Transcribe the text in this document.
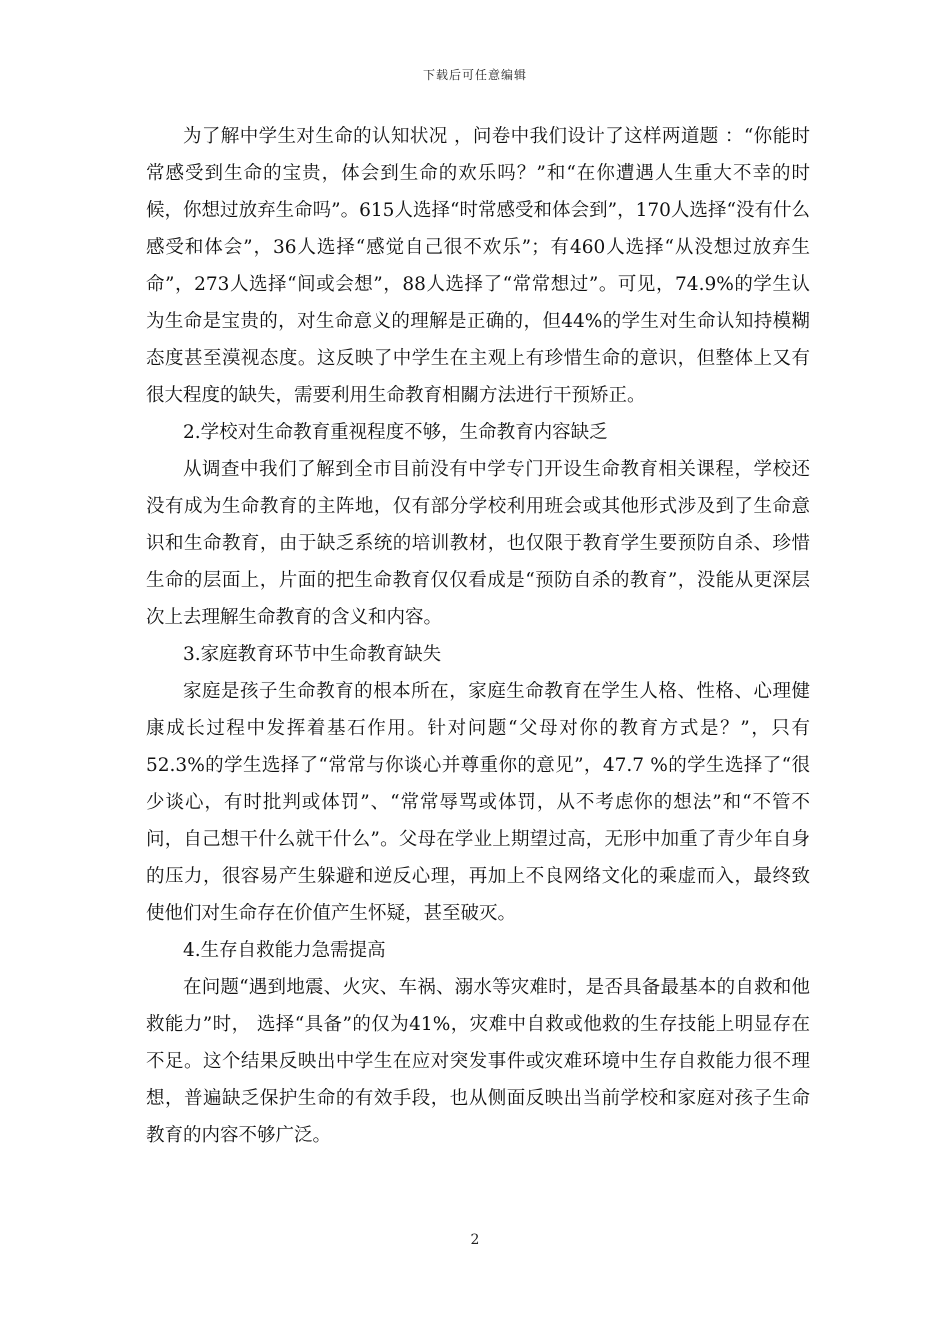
下载后可任意编辑

为了解中学生对生命的认知状况 ，问卷中我们设计了这样两道题 ：“你能时常感受到生命的宝贵，体会到生命的欢乐吗？”和“在你遭遇人生重大不幸的时候，你想过放弃生命吗”。615人选择“时常感受和体会到”，170人选择“没有什么感受和体会”，36人选择“感觉自己很不欢乐”；有460人选择“从没想过放弃生命”，273人选择“间或会想”，88人选择了“常常想过”。可见，74.9%的学生认为生命是宝贵的，对生命意义的理解是正确的，但44%的学生对生命认知持模糊态度甚至漠视态度。这反映了中学生在主观上有珍惜生命的意识，但整体上又有很大程度的缺失，需要利用生命教育相關方法进行干预矫正。

2.学校对生命教育重视程度不够，生命教育内容缺乏

从调查中我们了解到全市目前没有中学专门开设生命教育相关课程，学校还没有成为生命教育的主阵地，仅有部分学校利用班会或其他形式涉及到了生命意识和生命教育，由于缺乏系统的培训教材，也仅限于教育学生要预防自杀、珍惜生命的层面上，片面的把生命教育仅仅看成是“预防自杀的教育”，没能从更深层次上去理解生命教育的含义和内容。

3.家庭教育环节中生命教育缺失

家庭是孩子生命教育的根本所在，家庭生命教育在学生人格、性格、心理健康成长过程中发挥着基石作用。针对问题“父母对你的教育方式是？”，只有52.3%的学生选择了“常常与你谈心并尊重你的意见”，47.7 %的学生选择了“很少谈心，有时批判或体罚”、“常常辱骂或体罚，从不考虑你的想法”和“不管不问，自己想干什么就干什么”。父母在学业上期望过高，无形中加重了青少年自身的压力，很容易产生躲避和逆反心理，再加上不良网络文化的乘虚而入，最终致使他们对生命存在价值产生怀疑，甚至破灭。

4.生存自救能力急需提高

在问题“遇到地震、火灾、车祸、溺水等灾难时，是否具备最基本的自救和他救能力”时， 选择“具备”的仅为41%，灾难中自救或他救的生存技能上明显存在不足。这个结果反映出中学生在应对突发事件或灾难环境中生存自救能力很不理想，普遍缺乏保护生命的有效手段，也从侧面反映出当前学校和家庭对孩子生命教育的内容不够广泛。

2
